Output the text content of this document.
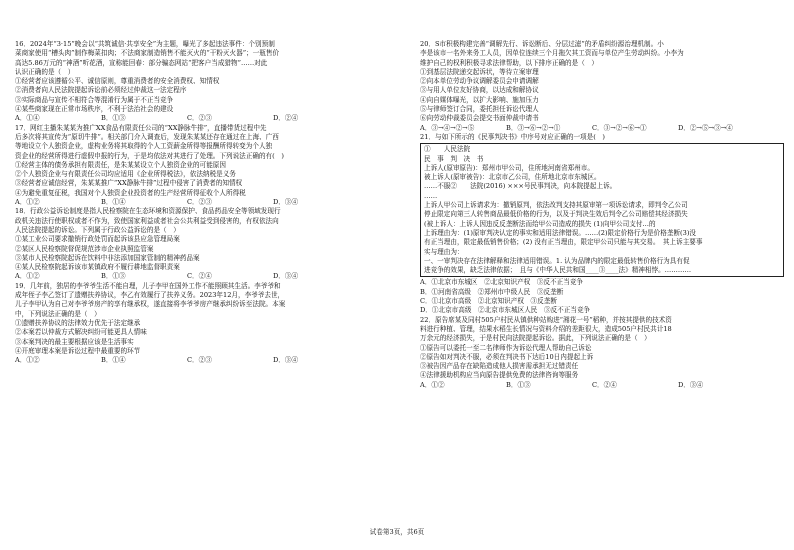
16．2024年“3·15”晚会以“共筑诚信·共享安全”为主题，曝光了多起违法事件：个别预制
菜商家使用“槽头肉”制作梅菜扣肉；不法商家制造销售不能灭火的“干粉灭火器”；一瓶售价
高达5.86万元的“神酒”听花酒，宣称能回春：部分骗态网站“把客户当成猎物”……对此
认识正确的是（　）
①经营者应该遵循公平、诚信原则，尊重消费者的安全消费权、知情权
②消费者向人民法院提起诉讼前必须经过仲裁这一法定程序
③实际商品与宣传不相符合等混淆行为属于不正当竞争
④某些商家现在正常市场秩序，不利于法治社会的建设
A．①④	B．①③	C．②③	D．②④
17．网红主播朱某某为推广XX食品有限责任公司的“XX静脉牛排”，直播带货过程中先
后多次将其宣传为“原切牛排”。相关部门介入调查后，发现朱某某还存在通过在上海、广西
等地设立个人独资企业，虚构业务将其取得的个人工资薪金所得等报酬所得转变为个人独
资企业的经营所得进行虚假申报的行为，于是均依法对其进行了处理。下列说法正确的有(　)
①经营主体的债务承担有限责任，是朱某某设立个人独资企业的可能原因
②个人独资企业与有限责任公司均应适用《企业所得税法》，依法纳税是义务
③经营者应诚信经营，朱某某推广“XX静脉牛排”过程中侵害了消费者的知情权
④为避免重复征税，我国对个人独资企业投资者的生产经营所得征收个人所得税
A．①②	B．①④	C．②③	D．③④
18．行政公益诉讼制度是指人民检察院在生态环境和资源保护、食品药品安全等领域发现行
政机关违法行使职权或者不作为，致使国家利益或者社会公共利益受到侵害的，有权依法向
人民法院提起的诉讼。下列属于行政公益诉讼的是（　）
①某工业公司要求撤销行政处罚而起诉该县应急管理局案
②某区人民检察院督促规范涉市企业执照监管案
③某市人民检察院起诉在饮料中非法添加国家管制的精神药品案
④某人民检察院起诉该市某镇政府不履行耕地监督职责案
A．①②	B．①③	C．②④	D．③④
19．几年前，独居的李爷爷生活不能自理，儿子李甲在国外工作不能照顾其生活。李爷爷和
成年侄子李乙签订了遗赠扶养协议，李乙有效履行了扶养义务。2023年12月，李爷爷去世，
儿子李甲认为自己对李爷爷房产的享有继承权，遂直接将李爷爷房产继承纠纷诉至法院。本案
中，下列说法正确的是（　）
①遗赠扶养协议的法律效力优先于法定继承
②本案若以仲裁方式解决纠纷可能更具人情味
③本案判决的最主要根据应该是生活事实
④开庭审理本案是诉讼过程中最重要的环节
A．①②	B．①④	C．②③	D．③④
20．S市积极构建完善“调解先行、诉讼断后、分层过滤”的矛盾纠纷源治理机制。小
李是该市一名外来务工人员，因单位连续三个月拖欠其工资而与单位产生劳动纠纷。小李为
维护自己的权利积极寻求法律帮助，以下排序正确的是（　）
①到基层法院递交起诉状，等待立案审理
②向本单位劳动争议调解委员会申请调解
③与用人单位友好协商，以达成和解协议
④向自媒体曝光，以扩大影响、施加压力
⑤与律师签订合同，委托担任诉讼代理人
⑥向劳动仲裁委员会提交书面仲裁申请书
A．③→④→②→⑤	B．③→⑥→②→①	C．③→②→⑥→①	D．②→⑤→③→④
21．与如下所示的《民事判决书》中序号对应正确的一项是(　)
①　　人民法院
民　事　判　决　书
上诉人(原审原告)：郑州市甲公司，住所地河南省郑州市。
被上诉人(原审被告)：北京市乙公司，住所地北京市东城区。
……不服②　　法院(2016) ×××号民事判决，向本院提起上诉。
……
上诉人甲公司上诉请求为：撤销原判，依法改判支持其原审第一项诉讼请求，即判令乙公司
停止限定向第三人转售商品最低价格的行为，以及于判决生效后判令乙公司赔偿其经济损失
(被上诉人：上诉人因违反反垄断法而给甲公司造成的损失 (1)向甲公司支付…的
上诉理由为：(1)原审判决认定的事实和适用法律错误。……(2)限定价格行为是价格垄断(3)没
有正当理由，限定最低销售价格；(2) 没有正当理由，限定甲公司只能与其交易。　其上诉主要事
实与理由为：
一、一审判决存在法律解释和法律适用错误。1. 认为品牌内的限定最低转售价格行为具有促
进竞争的效果，缺乏法律依据；　且与《中华人民共和国____③____法》精神相悖。…………
A．①北京市东城区　②北京知识产权　③反不正当竞争
B．①河南省高级　②郑州市中级人民　③反垄断
C．①北京市高级　②北京知识产权　③反垄断
D．①北京市高级　②北京市东城区人民　③反不正当竞争
22．原告席某及同村505户村民从镇供种站购进“湘花一号”稻种，并按其提供的技术资
料进行种植、管理，结果水稻生长情况与资料介绍的差距很大，造成505户村民共计18
万余元的经济损失，于是村民向法院提起诉讼。据此，下列说法正确的是（　）
①原告可以委托一至二名律师作为诉讼代理人帮助自己诉讼
②原告如对判决不服，必须在判决书下达后10日内提起上诉
③被告因产品存在缺陷造成他人损害需承担无过错责任
④法律援助机构应当向原告提供免费的法律咨询等服务
A．①②	B．①③	C．②④	D．③④
试卷第3页，共6页
